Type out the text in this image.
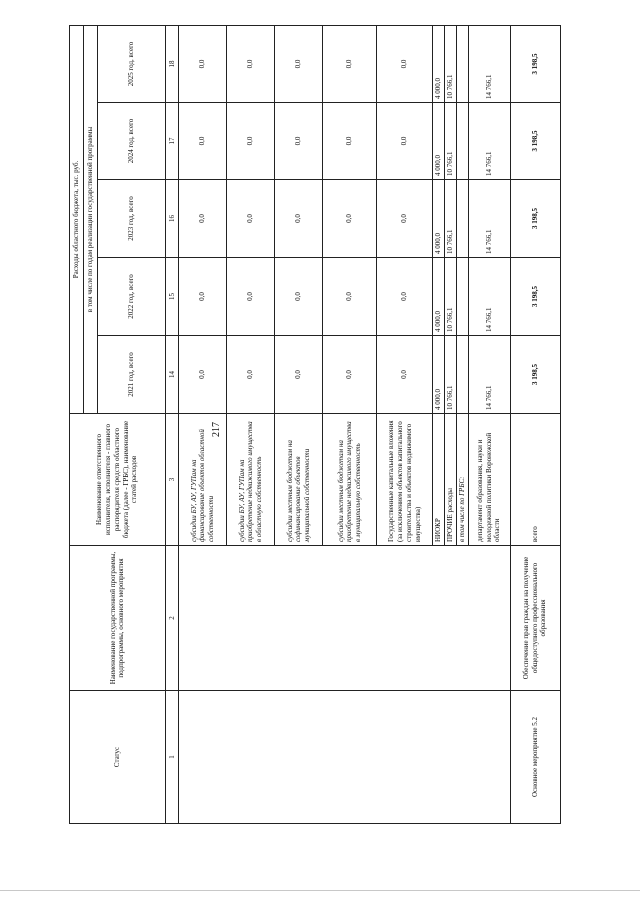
217
Статус	Наименование государственной программы, подпрограммы, основного мероприятия	Наименование ответственного исполнителя, исполнителя - главного распорядителя средств областного бюджета (далее - ГРБС), наименование статей расходов	Расходы областного бюджета, тыс. руб.				
			в том числе по годам реализации государственной программы				
			2021 год, всего	2022 год, всего	2023 год, всего	2024 год, всего	2025 год, всего
1	2	3	14	15	16	17	18
		субсидии БУ, АУ, ГУПам на финансирование объектов областной собственности	0,0	0,0	0,0	0,0	0,0
		субсидии БУ, АУ, ГУПам на приобретение недвижимого имущества в областную собственность	0,0	0,0	0,0	0,0	0,0
		субсидии местным бюджетам на софинансирование объектов муниципальной собственности	0,0	0,0	0,0	0,0	0,0
		субсидии местным бюджетам на приобретение недвижимого имущества в муниципальную собственность	0,0	0,0	0,0	0,0	0,0
		Государственные капитальные вложения (за исключением объектов капитального строительства и объектов недвижимого имущества)	0,0	0,0	0,0	0,0	0,0
		НИОКР	4 000,0	4 000,0	4 000,0	4 000,0	4 000,0
		ПРОЧИЕ расходы	10 766,1	10 766,1	10 766,1	10 766,1	10 766,1
		в том числе по ГРБС:					
		департамент образования, науки и молодежной политики Воронежской области	14 766,1	14 766,1	14 766,1	14 766,1	14 766,1
Основное мероприятие 5.2	Обеспечение прав граждан на получение общедоступного профессионального образования	всего	3 198,5	3 198,5	3 198,5	3 198,5	3 198,5
